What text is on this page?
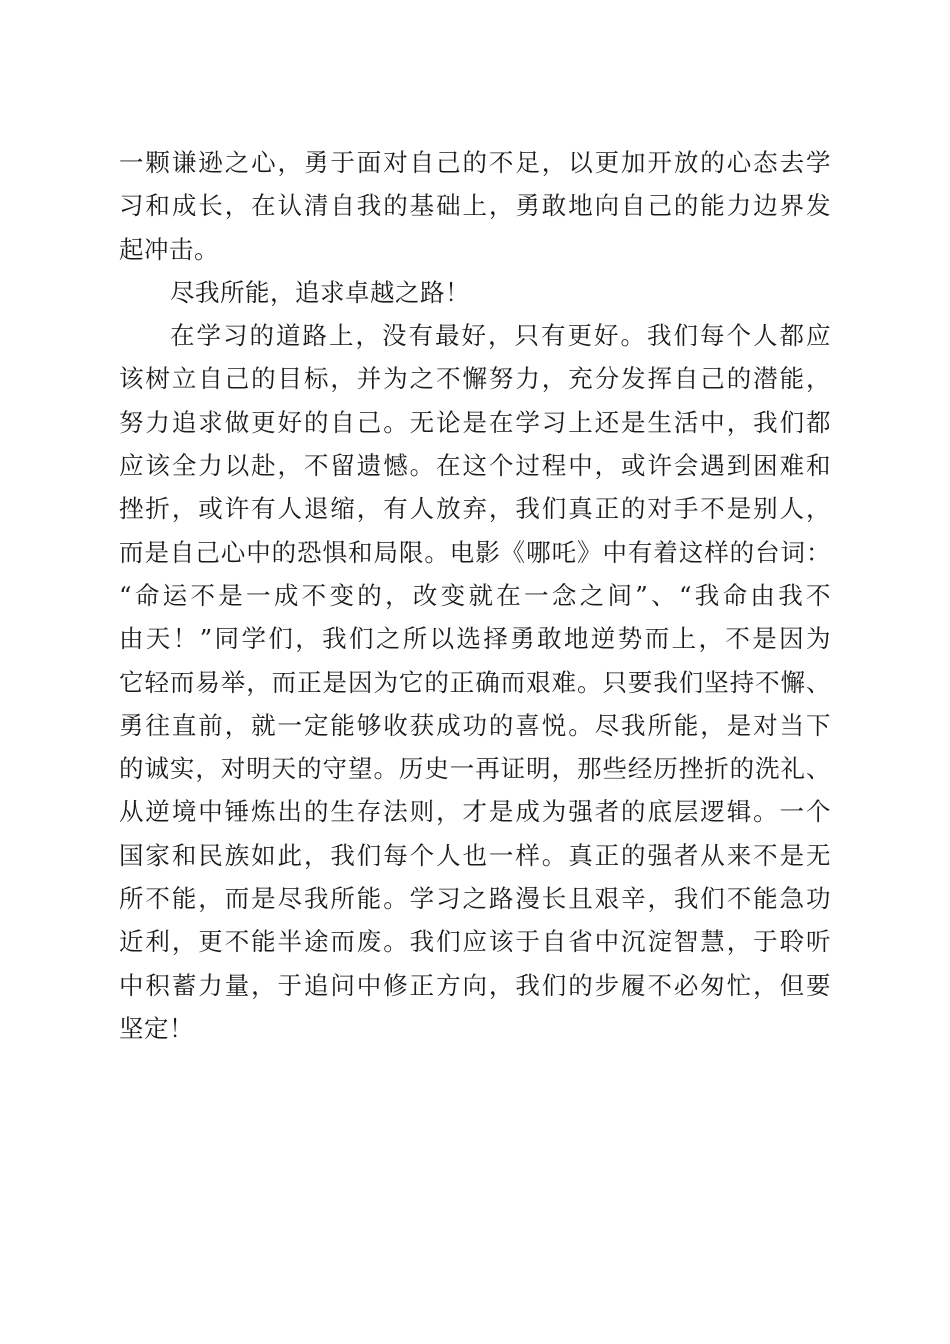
一颗谦逊之心，勇于面对自己的不足，以更加开放的心态去学
习和成长，在认清自我的基础上，勇敢地向自己的能力边界发
起冲击。
尽我所能，追求卓越之路！
在学习的道路上，没有最好，只有更好。我们每个人都应
该树立自己的目标，并为之不懈努力，充分发挥自己的潜能，
努力追求做更好的自己。无论是在学习上还是生活中，我们都
应该全力以赴，不留遗憾。在这个过程中，或许会遇到困难和
挫折，或许有人退缩，有人放弃，我们真正的对手不是别人，
而是自己心中的恐惧和局限。电影《哪吒》中有着这样的台词：
“命运不是一成不变的，改变就在一念之间”、“我命由我不
由天！”同学们，我们之所以选择勇敢地逆势而上，不是因为
它轻而易举，而正是因为它的正确而艰难。只要我们坚持不懈、
勇往直前，就一定能够收获成功的喜悦。尽我所能，是对当下
的诚实，对明天的守望。历史一再证明，那些经历挫折的洗礼、
从逆境中锤炼出的生存法则，才是成为强者的底层逻辑。一个
国家和民族如此，我们每个人也一样。真正的强者从来不是无
所不能，而是尽我所能。学习之路漫长且艰辛，我们不能急功
近利，更不能半途而废。我们应该于自省中沉淀智慧，于聆听
中积蓄力量，于追问中修正方向，我们的步履不必匆忙，但要
坚定！
